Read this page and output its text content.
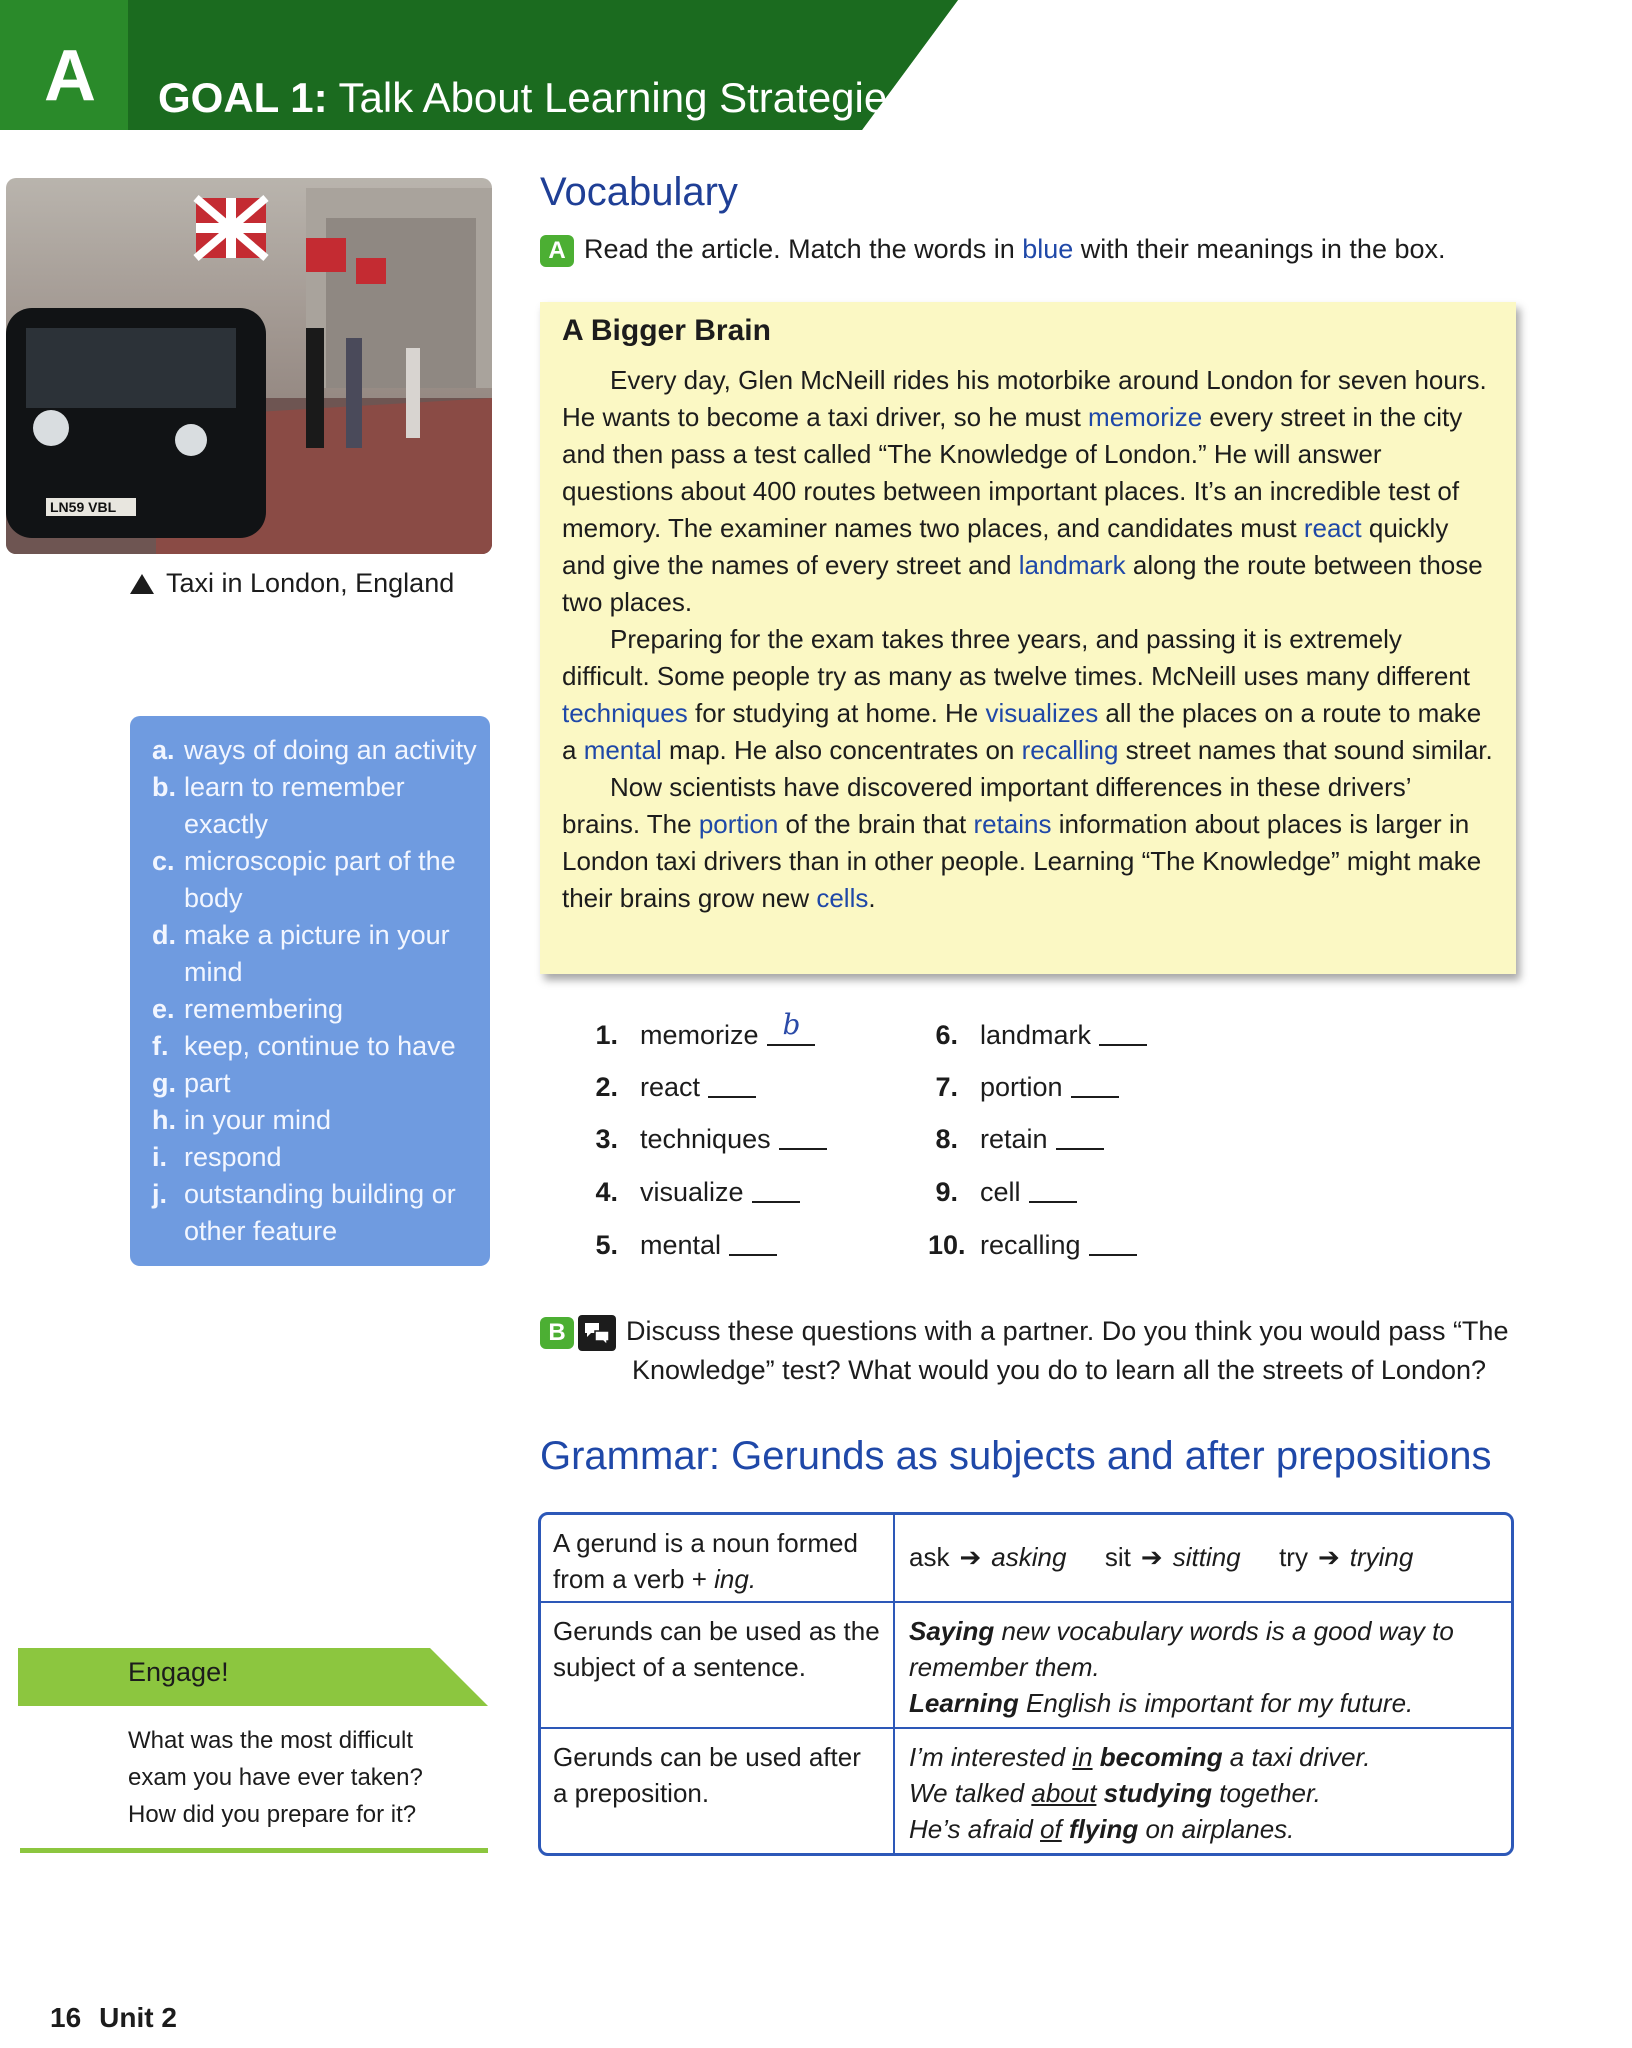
A GOAL 1: Talk About Learning Strategies
LN59 VBL
Taxi in London, England
a. ways of doing an activity
b. learn to remember exactly
c. microscopic part of the body
d. make a picture in your mind
e. remembering
f. keep, continue to have
g. part
h. in your mind
i. respond
j. outstanding building or other feature
Engage!
What was the most difficult exam you have ever taken? How did you prepare for it?
Vocabulary
A Read the article. Match the words in blue with their meanings in the box.
A Bigger Brain

Every day, Glen McNeill rides his motorbike around London for seven hours. He wants to become a taxi driver, so he must memorize every street in the city and then pass a test called “The Knowledge of London.” He will answer questions about 400 routes between important places. It’s an incredible test of memory. The examiner names two places, and candidates must react quickly and give the names of every street and landmark along the route between those two places.

Preparing for the exam takes three years, and passing it is extremely difficult. Some people try as many as twelve times. McNeill uses many different techniques for studying at home. He visualizes all the places on a route to make a mental map. He also concentrates on recalling street names that sound similar.

Now scientists have discovered important differences in these drivers’ brains. The portion of the brain that retains information about places is larger in London taxi drivers than in other people. Learning “The Knowledge” might make their brains grow new cells.

1. memorize b
2. react
3. techniques
4. visualize
5. mental
6. landmark
7. portion
8. retain
9. cell
10. recalling
B Discuss these questions with a partner. Do you think you would pass “The
Knowledge” test? What would you do to learn all the streets of London?
Grammar: Gerunds as subjects and after prepositions
A gerund is a noun formed from a verb + ing.
ask ➔ asking sit ➔ sitting try ➔ trying
Gerunds can be used as the subject of a sentence.
Saying new vocabulary words is a good way to remember them.
Learning English is important for my future.
Gerunds can be used after a preposition.
I’m interested in becoming a taxi driver.
We talked about studying together.
He’s afraid of flying on airplanes.
16 Unit 2
